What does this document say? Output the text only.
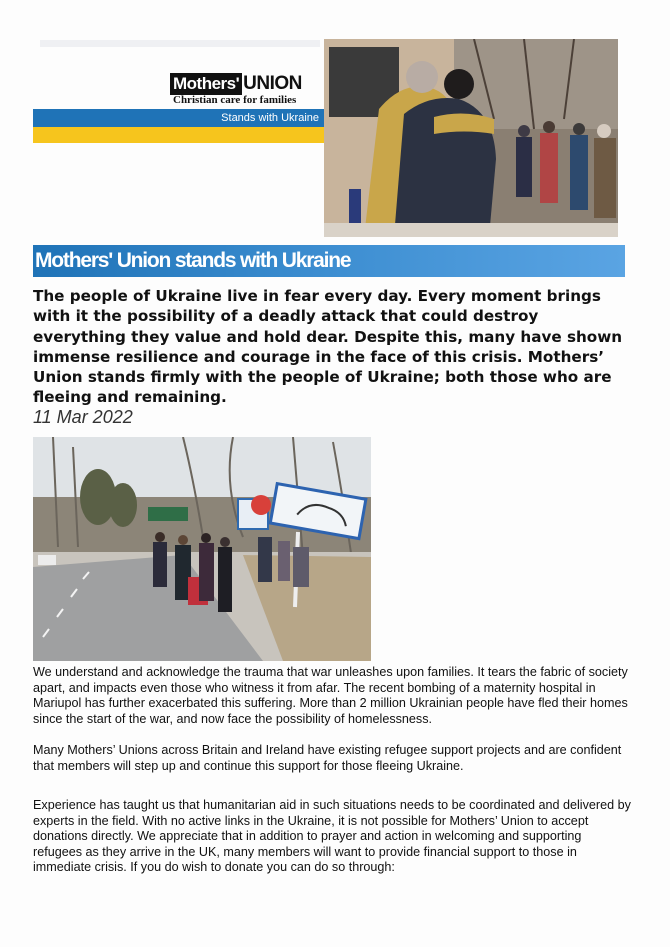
Mothers' UNION
Christian care for families
Stands with Ukraine
Mothers' Union stands with Ukraine

The people of Ukraine live in fear every day. Every moment brings with it the possibility of a deadly attack that could destroy everything they value and hold dear. Despite this, many have shown immense resilience and courage in the face of this crisis. Mothers’ Union stands firmly with the people of Ukraine; both those who are fleeing and remaining.

11 Mar 2022

We understand and acknowledge the trauma that war unleashes upon families. It tears the fabric of society apart, and impacts even those who witness it from afar. The recent bombing of a maternity hospital in Mariupol has further exacerbated this suffering. More than 2 million Ukrainian people have fled their homes since the start of the war, and now face the possibility of homelessness.

Many Mothers’ Unions across Britain and Ireland have existing refugee support projects and are confident that members will step up and continue this support for those fleeing Ukraine.

Experience has taught us that humanitarian aid in such situations needs to be coordinated and delivered by experts in the field. With no active links in the Ukraine, it is not possible for Mothers’ Union to accept donations directly. We appreciate that in addition to prayer and action in welcoming and supporting refugees as they arrive in the UK, many members will want to provide financial support to those in immediate crisis. If you do wish to donate you can do so through:
